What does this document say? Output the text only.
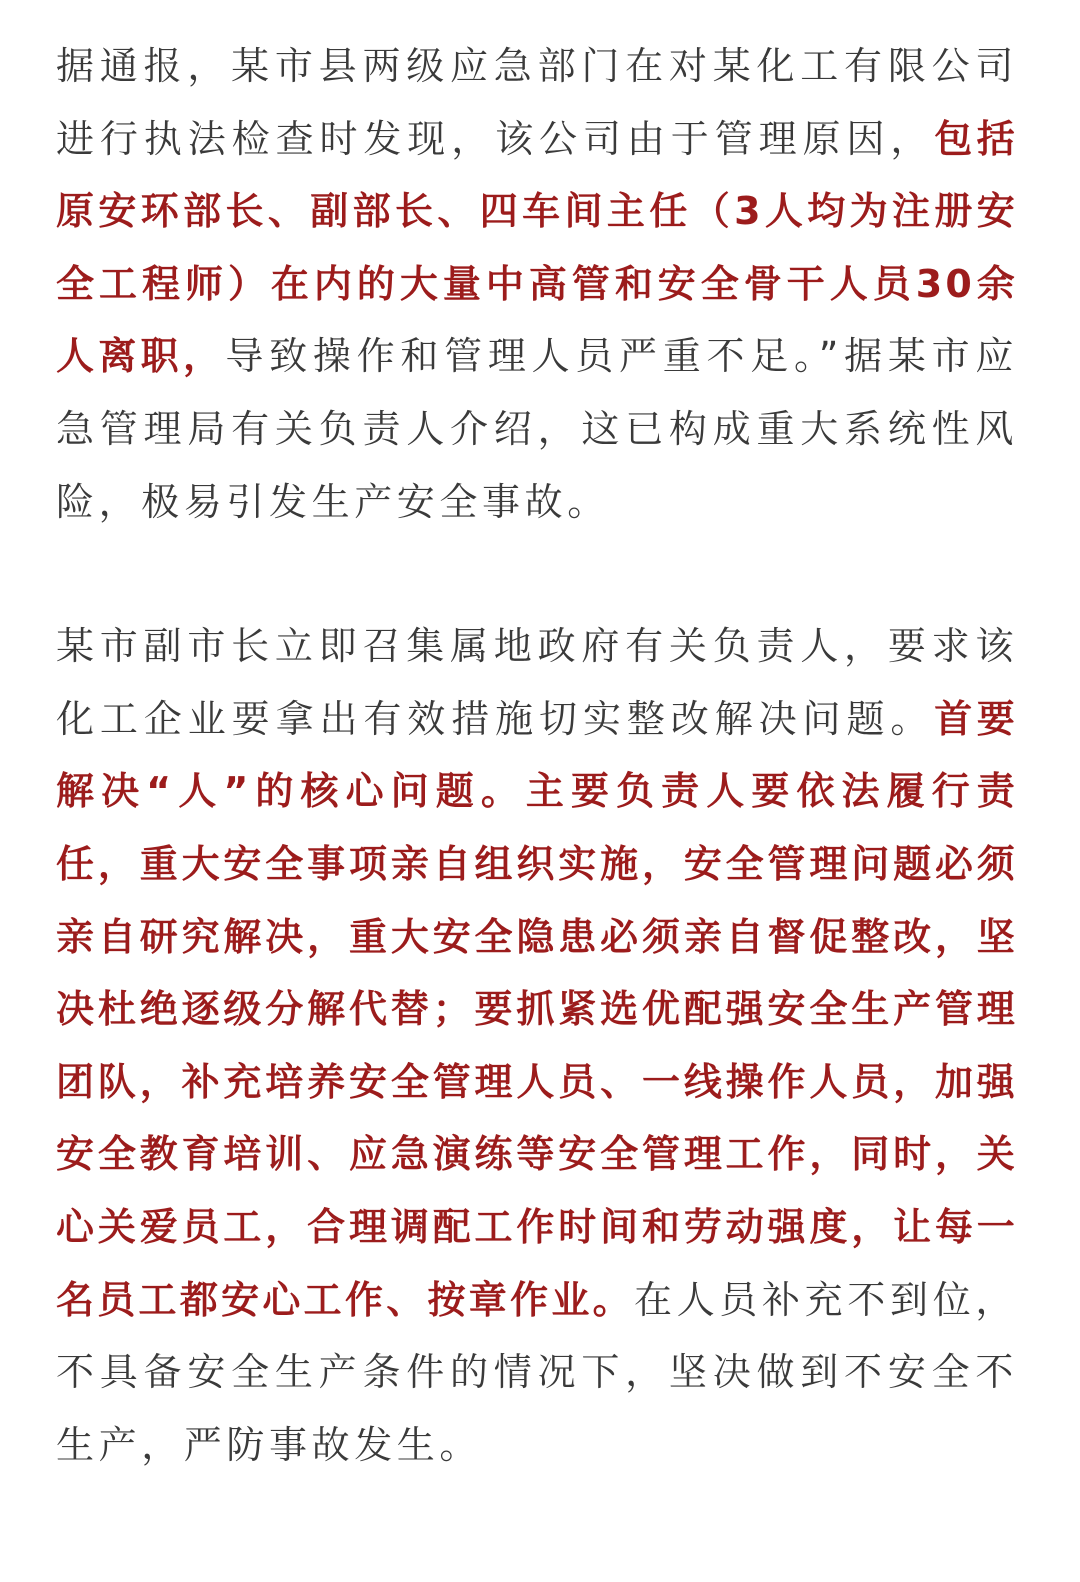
据通报，某市县两级应急部门在对某化工有限公司进行执法检查时发现，该公司由于管理原因，包括原安环部长、副部长、四车间主任（3人均为注册安全工程师）在内的大量中高管和安全骨干人员30余人离职，导致操作和管理人员严重不足。”据某市应急管理局有关负责人介绍，这已构成重大系统性风险，极易引发生产安全事故。

某市副市长立即召集属地政府有关负责人，要求该化工企业要拿出有效措施切实整改解决问题。首要解决“人”的核心问题。主要负责人要依法履行责任，重大安全事项亲自组织实施，安全管理问题必须亲自研究解决，重大安全隐患必须亲自督促整改，坚决杜绝逐级分解代替；要抓紧选优配强安全生产管理团队，补充培养安全管理人员、一线操作人员，加强安全教育培训、应急演练等安全管理工作，同时，关心关爱员工，合理调配工作时间和劳动强度，让每一名员工都安心工作、按章作业。在人员补充不到位，不具备安全生产条件的情况下，坚决做到不安全不生产，严防事故发生。
